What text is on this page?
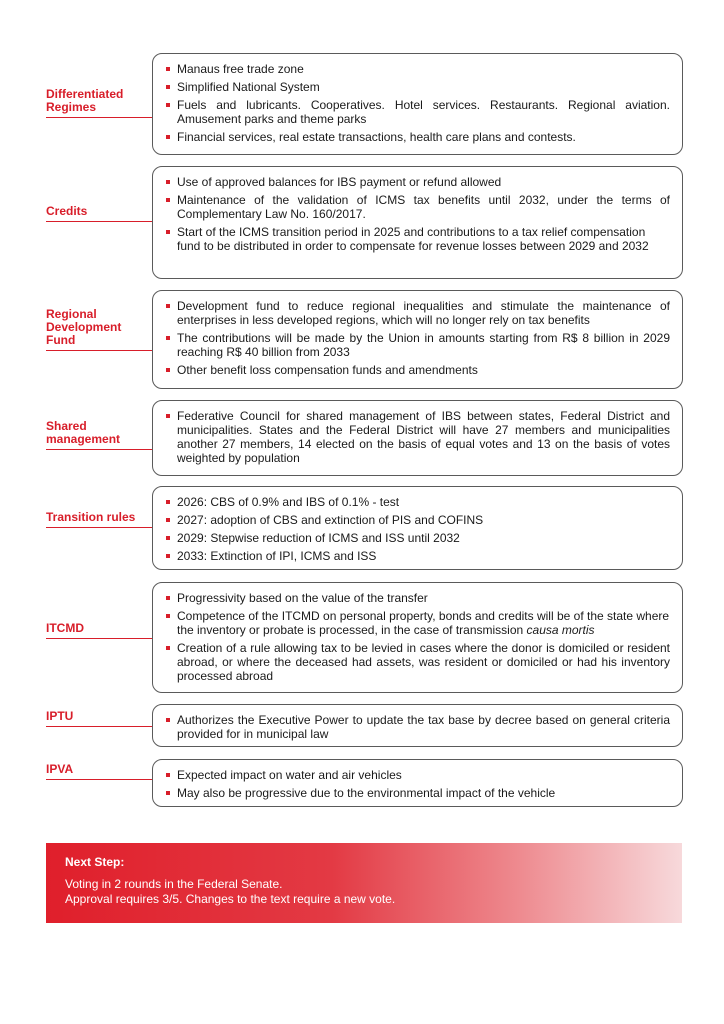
Differentiated Regimes
Manaus free trade zone
Simplified National System
Fuels and lubricants. Cooperatives. Hotel services. Restaurants. Regional aviation. Amusement parks and theme parks
Financial services, real estate transactions, health care plans and contests.
Credits
Use of approved balances for IBS payment or refund allowed
Maintenance of the validation of ICMS tax benefits until 2032, under the terms of Complementary Law No. 160/2017.
Start of the ICMS transition period in 2025 and contributions to a tax relief compensation fund to be distributed in order to compensate for revenue losses between 2029 and 2032
Regional Development Fund
Development fund to reduce regional inequalities and stimulate the maintenance of enterprises in less developed regions, which will no longer rely on tax benefits
The contributions will be made by the Union in amounts starting from R$ 8 billion in 2029 reaching R$ 40 billion from 2033
Other benefit loss compensation funds and amendments
Shared management
Federative Council for shared management of IBS between states, Federal District and municipalities. States and the Federal District will have 27 members and municipalities another 27 members, 14 elected on the basis of equal votes and 13 on the basis of votes weighted by population
Transition rules
2026: CBS of 0.9% and IBS of 0.1% - test
2027: adoption of CBS and extinction of PIS and COFINS
2029: Stepwise reduction of ICMS and ISS until 2032
2033: Extinction of IPI, ICMS and ISS
ITCMD
Progressivity based on the value of the transfer
Competence of the ITCMD on personal property, bonds and credits will be of the state where the inventory or probate is processed, in the case of transmission causa mortis
Creation of a rule allowing tax to be levied in cases where the donor is domiciled or resident abroad, or where the deceased had assets, was resident or domiciled or had his inventory processed abroad
IPTU	Authorizes the Executive Power to update the tax base by decree based on general criteria provided for in municipal law
IPVA	Expected impact on water and air vehicles
May also be progressive due to the environmental impact of the vehicle
Next Step:
Voting in 2 rounds in the Federal Senate.
Approval requires 3/5. Changes to the text require a new vote.
